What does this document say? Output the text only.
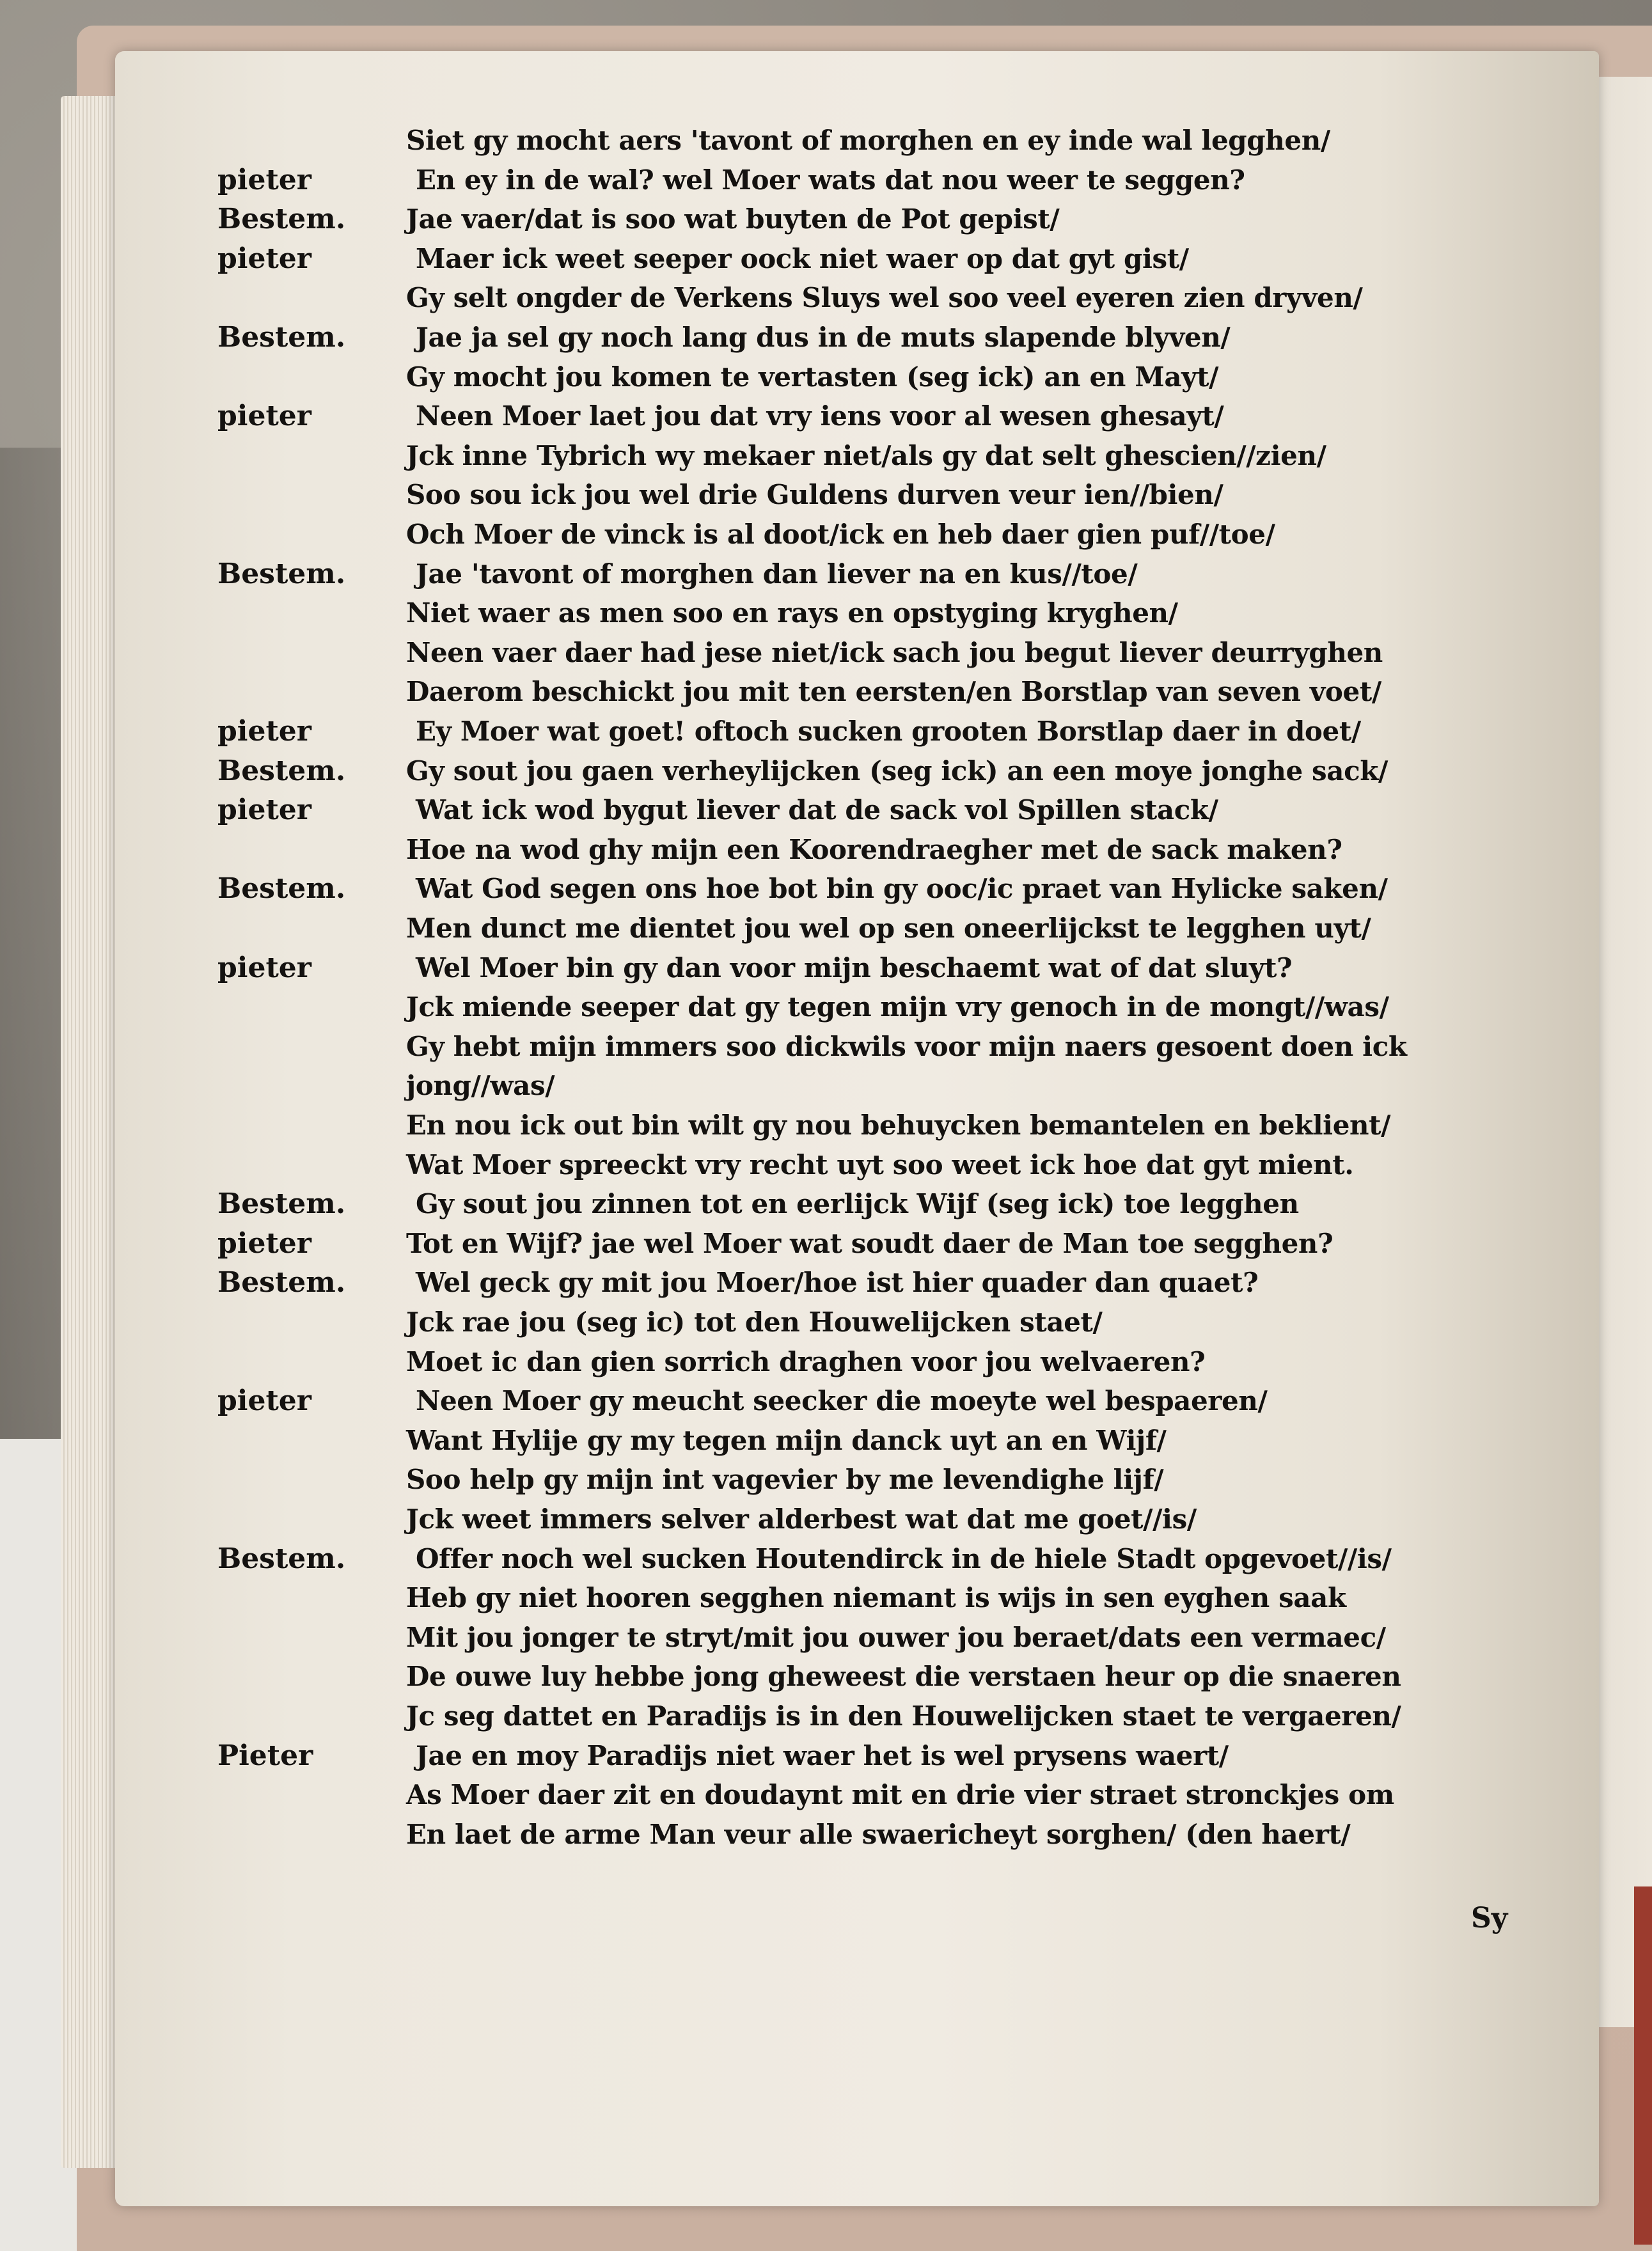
Siet gy mocht aers 'tavont of morghen en ey inde wal legghen/
pieter	En ey in de wal? wel Moer wats dat nou weer te seggen?
Bestem. Jae vaer/dat is soo wat buyten de Pot gepist/
pieter	Maer ick weet seeper oock niet waer op dat gyt gist/
Gy selt ongder de Verkens Sluys wel soo veel eyeren zien dryven/
Bestem.	Jae ja sel gy noch lang dus in de muts slapende blyven/
Gy mocht jou komen te vertasten (seg ick) an en Mayt/
pieter	Neen Moer laet jou dat vry iens voor al wesen ghesayt/
Jck inne Tybrich wy mekaer niet/als gy dat selt ghescien//zien/
Soo sou ick jou wel drie Guldens durven veur ien//bien/
Och Moer de vinck is al doot/ick en heb daer gien puf//toe/
Bestem.	Jae 'tavont of morghen dan liever na en kus//toe/
Niet waer as men soo en rays en opstyging kryghen/
Neen vaer daer had jese niet/ick sach jou begut liever deurryghen
Daerom beschickt jou mit ten eersten/en Borstlap van seven voet/
pieter	Ey Moer wat goet! oftoch sucken grooten Borstlap daer in doet/
Bestem. Gy sout jou gaen verheylijcken (seg ick) an een moye jonghe sack/
pieter	Wat ick wod bygut liever dat de sack vol Spillen stack/
Hoe na wod ghy mijn een Koorendraegher met de sack maken?
Bestem.	Wat God segen ons hoe bot bin gy ooc/ic praet van Hylicke saken/
Men dunct me dientet jou wel op sen oneerlijckst te legghen uyt/
pieter	Wel Moer bin gy dan voor mijn beschaemt wat of dat sluyt?
Jck miende seeper dat gy tegen mijn vry genoch in de mongt//was/
Gy hebt mijn immers soo dickwils voor mijn naers gesoent doen ick
jong//was/
En nou ick out bin wilt gy nou behuycken bemantelen en beklient/
Wat Moer spreeckt vry recht uyt soo weet ick hoe dat gyt mient.
Bestem.	Gy sout jou zinnen tot en eerlijck Wijf (seg ick) toe legghen
pieter	Tot en Wijf? jae wel Moer wat soudt daer de Man toe segghen?
Bestem.	Wel geck gy mit jou Moer/hoe ist hier quader dan quaet?
Jck rae jou (seg ic) tot den Houwelijcken staet/
Moet ic dan gien sorrich draghen voor jou welvaeren?
pieter	Neen Moer gy meucht seecker die moeyte wel bespaeren/
Want Hylije gy my tegen mijn danck uyt an en Wijf/
Soo help gy mijn int vagevier by me levendighe lijf/
Jck weet immers selver alderbest wat dat me goet//is/
Bestem.	Offer noch wel sucken Houtendirck in de hiele Stadt opgevoet//is/
Heb gy niet hooren segghen niemant is wijs in sen eyghen saak
Mit jou jonger te stryt/mit jou ouwer jou beraet/dats een vermaec/
De ouwe luy hebbe jong gheweest die verstaen heur op die snaeren
Jc seg dattet en Paradijs is in den Houwelijcken staet te vergaeren/
Pieter	Jae en moy Paradijs niet waer het is wel prysens waert/
As Moer daer zit en doudaynt mit en drie vier straet stronckjes om
En laet de arme Man veur alle swaericheyt sorghen/ (den haert/
Sy
